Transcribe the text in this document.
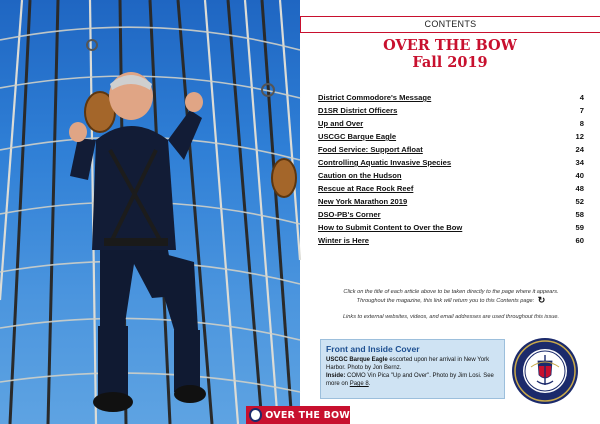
OVER THE BOW
CONTENTS
OVER THE BOW
Fall 2019
District Commodore's Message	4
D1SR District Officers	7
Up and Over	8
USCGC Barque Eagle	12
Food Service: Support Afloat	24
Controlling Aquatic Invasive Species	34
Caution on the Hudson	40
Rescue at Race Rock Reef	48
New York Marathon 2019	52
DSO-PB's Corner	58
How to Submit Content to Over the Bow	59
Winter is Here	60
Click on the title of each article above to be taken directly to the page where it appears.
Throughout the magazine, this link will return you to this Contents page: ↻
Links to external websites, videos, and email addresses are used throughout this issue.
Front and Inside Cover
USCGC Barque Eagle escorted upon her arrival in New York Harbor. Photo by Jon Bernz.
Inside: COMO Vin Pica "Up and Over". Photo by Jim Losi. See more on Page 8.
